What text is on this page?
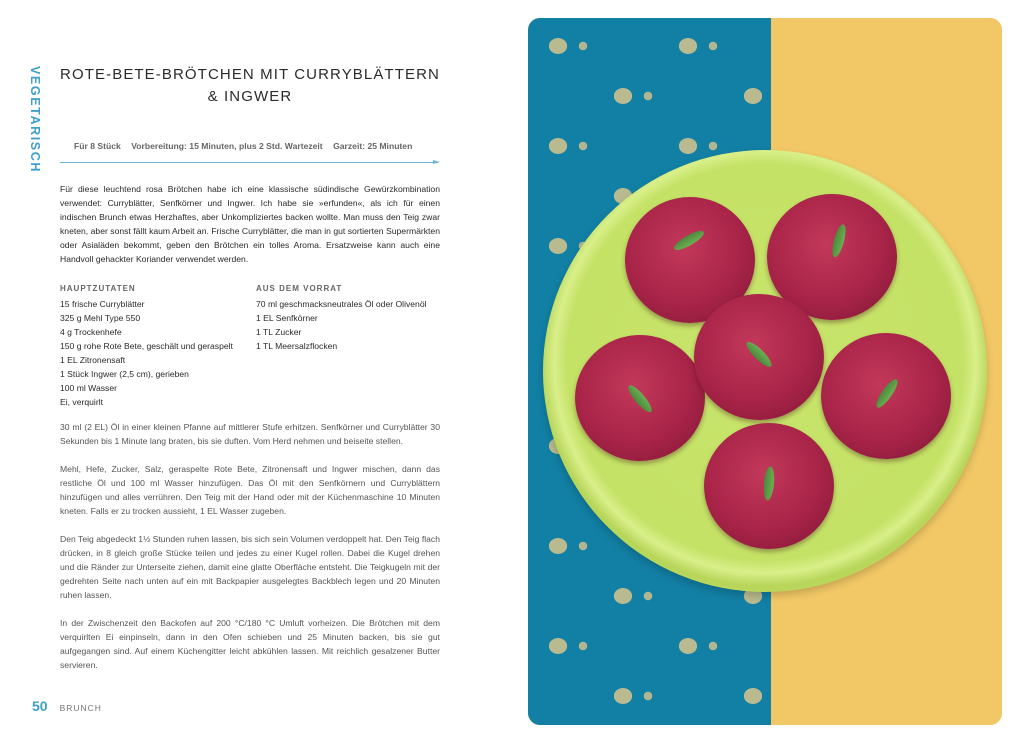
VEGETARISCH ROTE-BETE-BRÖTCHEN MIT CURRYBLÄTTERN & INGWER
Für 8 Stück Vorbereitung: 15 Minuten, plus 2 Std. Wartezeit Garzeit: 25 Minuten
Für diese leuchtend rosa Brötchen habe ich eine klassische südindische Gewürzkombination verwendet: Curryblätter, Senfkörner und Ingwer. Ich habe sie »erfunden«, als ich für einen indischen Brunch etwas Herzhaftes, aber Unkompliziertes backen wollte. Man muss den Teig zwar kneten, aber sonst fällt kaum Arbeit an. Frische Curryblätter, die man in gut sortierten Supermärkten oder Asialäden bekommt, geben den Brötchen ein tolles Aroma. Ersatzweise kann auch eine Handvoll gehackter Koriander verwendet werden.
HAUPTZUTATEN
15 frische Curryblätter
325 g Mehl Type 550
4 g Trockenhefe
150 g rohe Rote Bete, geschält und geraspelt
1 EL Zitronensaft
1 Stück Ingwer (2,5 cm), gerieben
100 ml Wasser
Ei, verquirlt
AUS DEM VORRAT
70 ml geschmacksneutrales Öl oder Olivenöl
1 EL Senfkörner
1 TL Zucker
1 TL Meersalzflocken

30 ml (2 EL) Öl in einer kleinen Pfanne auf mittlerer Stufe erhitzen. Senfkörner und Curryblätter 30 Sekunden bis 1 Minute lang braten, bis sie duften. Vom Herd nehmen und beiseite stellen.

Mehl, Hefe, Zucker, Salz, geraspelte Rote Bete, Zitronensaft und Ingwer mischen, dann das restliche Öl und 100 ml Wasser hinzufügen. Das Öl mit den Senfkörnern und Curryblättern hinzufügen und alles verrühren. Den Teig mit der Hand oder mit der Küchenmaschine 10 Minuten kneten. Falls er zu trocken aussieht, 1 EL Wasser zugeben.

Den Teig abgedeckt 1½ Stunden ruhen lassen, bis sich sein Volumen verdoppelt hat. Den Teig flach drücken, in 8 gleich große Stücke teilen und jedes zu einer Kugel rollen. Dabei die Kugel drehen und die Ränder zur Unterseite ziehen, damit eine glatte Oberfläche entsteht. Die Teigkugeln mit der gedrehten Seite nach unten auf ein mit Backpapier ausgelegtes Backblech legen und 20 Minuten ruhen lassen.

In der Zwischenzeit den Backofen auf 200 °C/180 °C Umluft vorheizen. Die Brötchen mit dem verquirlten Ei einpinseln, dann in den Ofen schieben und 25 Minuten backen, bis sie gut aufgegangen sind. Auf einem Küchengitter leicht abkühlen lassen. Mit reichlich gesalzener Butter servieren.

50 BRUNCH
